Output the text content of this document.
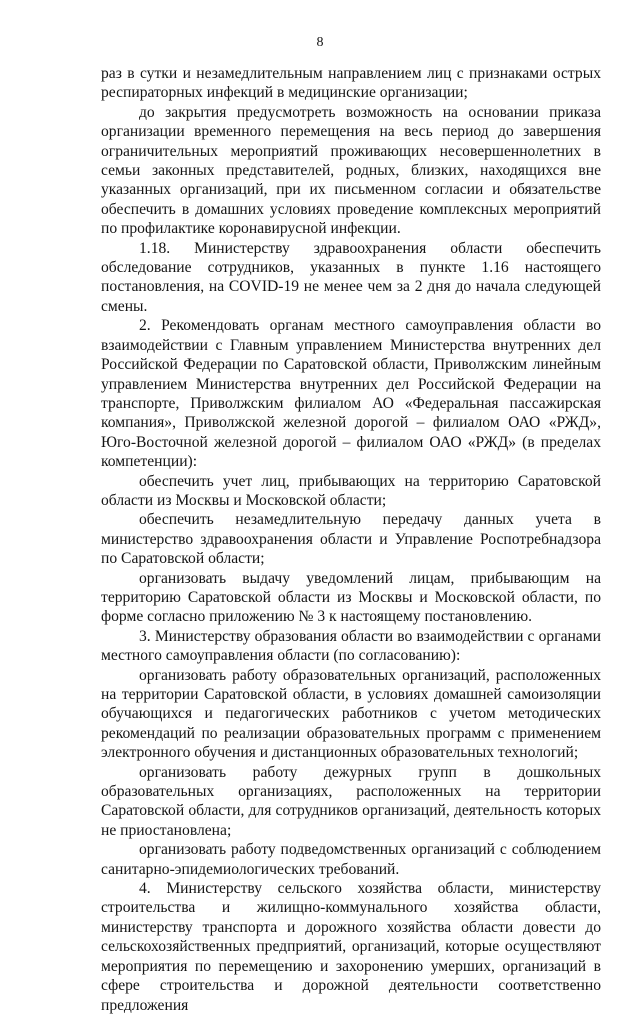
8

раз в сутки и незамедлительным направлением лиц с признаками острых респираторных инфекций в медицинские организации;

до закрытия предусмотреть возможность на основании приказа организации временного перемещения на весь период до завершения ограничительных мероприятий проживающих несовершеннолетних в семьи законных представителей, родных, близких, находящихся вне указанных организаций, при их письменном согласии и обязательстве обеспечить в домашних условиях проведение комплексных мероприятий по профилактике коронавирусной инфекции.

1.18. Министерству здравоохранения области обеспечить обследование сотрудников, указанных в пункте 1.16 настоящего постановления, на COVID-19 не менее чем за 2 дня до начала следующей смены.

2. Рекомендовать органам местного самоуправления области во взаимодействии с Главным управлением Министерства внутренних дел Российской Федерации по Саратовской области, Приволжским линейным управлением Министерства внутренних дел Российской Федерации на транспорте, Приволжским филиалом АО «Федеральная пассажирская компания», Приволжской железной дорогой – филиалом ОАО «РЖД», Юго-Восточной железной дорогой – филиалом ОАО «РЖД» (в пределах компетенции):

обеспечить учет лиц, прибывающих на территорию Саратовской области из Москвы и Московской области;

обеспечить незамедлительную передачу данных учета в министерство здравоохранения области и Управление Роспотребнадзора по Саратовской области;

организовать выдачу уведомлений лицам, прибывающим на территорию Саратовской области из Москвы и Московской области, по форме согласно приложению № 3 к настоящему постановлению.

3. Министерству образования области во взаимодействии с органами местного самоуправления области (по согласованию):

организовать работу образовательных организаций, расположенных на территории Саратовской области, в условиях домашней самоизоляции обучающихся и педагогических работников с учетом методических рекомендаций по реализации образовательных программ с применением электронного обучения и дистанционных образовательных технологий;

организовать работу дежурных групп в дошкольных образовательных организациях, расположенных на территории Саратовской области, для сотрудников организаций, деятельность которых не приостановлена;

организовать работу подведомственных организаций с соблюдением санитарно-эпидемиологических требований.

4. Министерству сельского хозяйства области, министерству строительства и жилищно-коммунального хозяйства области, министерству транспорта и дорожного хозяйства области довести до сельскохозяйственных предприятий, организаций, которые осуществляют мероприятия по перемещению и захоронению умерших, организаций в сфере строительства и дорожной деятельности соответственно предложения
